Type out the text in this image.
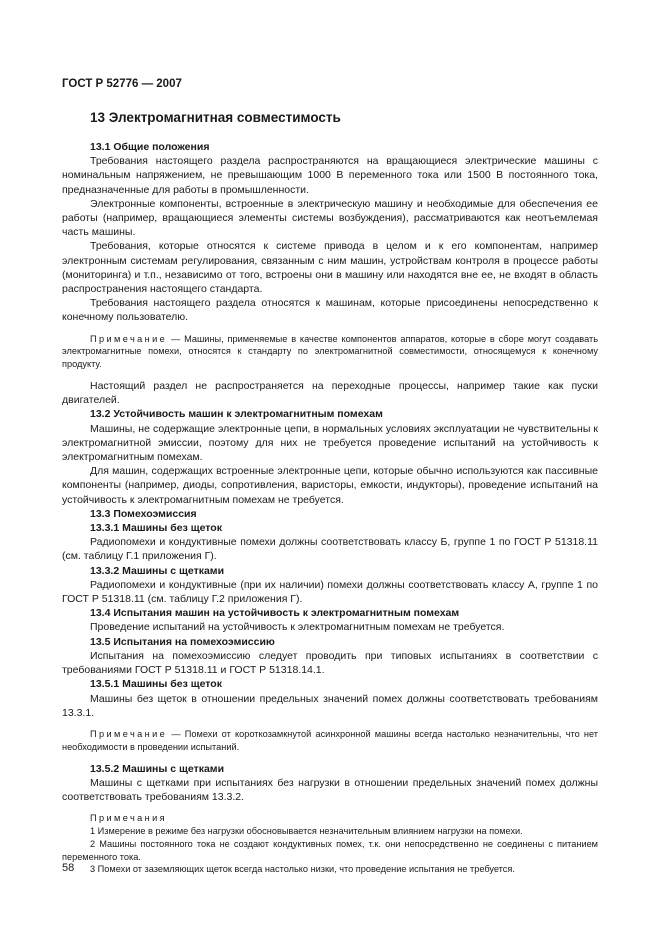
ГОСТ Р 52776 — 2007
13 Электромагнитная совместимость
13.1 Общие положения

Требования настоящего раздела распространяются на вращающиеся электрические машины с номинальным напряжением, не превышающим 1000 В переменного тока или 1500 В постоянного тока, предназначенные для работы в промышленности.

Электронные компоненты, встроенные в электрическую машину и необходимые для обеспечения ее работы (например, вращающиеся элементы системы возбуждения), рассматриваются как неотъемлемая часть машины.

Требования, которые относятся к системе привода в целом и к его компонентам, например электронным системам регулирования, связанным с ним машин, устройствам контроля в процессе работы (мониторинга) и т.п., независимо от того, встроены они в машину или находятся вне ее, не входят в область распространения настоящего стандарта.

Требования настоящего раздела относятся к машинам, которые присоединены непосредственно к конечному пользователю.

Примечание — Машины, применяемые в качестве компонентов аппаратов, которые в сборе могут создавать электромагнитные помехи, относятся к стандарту по электромагнитной совместимости, относящемуся к конечному продукту.

Настоящий раздел не распространяется на переходные процессы, например такие как пуски двигателей.

13.2 Устойчивость машин к электромагнитным помехам

Машины, не содержащие электронные цепи, в нормальных условиях эксплуатации не чувствительны к электромагнитной эмиссии, поэтому для них не требуется проведение испытаний на устойчивость к электромагнитным помехам.

Для машин, содержащих встроенные электронные цепи, которые обычно используются как пассивные компоненты (например, диоды, сопротивления, варисторы, емкости, индукторы), проведение испытаний на устойчивость к электромагнитным помехам не требуется.

13.3 Помехоэмиссия
13.3.1 Машины без щеток

Радиопомехи и кондуктивные помехи должны соответствовать классу Б, группе 1 по ГОСТ Р 51318.11 (см. таблицу Г.1 приложения Г).

13.3.2 Машины с щетками

Радиопомехи и кондуктивные (при их наличии) помехи должны соответствовать классу А, группе 1 по ГОСТ Р 51318.11 (см. таблицу Г.2 приложения Г).

13.4 Испытания машин на устойчивость к электромагнитным помехам

Проведение испытаний на устойчивость к электромагнитным помехам не требуется.

13.5 Испытания на помехоэмиссию

Испытания на помехоэмиссию следует проводить при типовых испытаниях в соответствии с требованиями ГОСТ Р 51318.11 и ГОСТ Р 51318.14.1.

13.5.1 Машины без щеток

Машины без щеток в отношении предельных значений помех должны соответствовать требованиям 13.3.1.

Примечание — Помехи от короткозамкнутой асинхронной машины всегда настолько незначительны, что нет необходимости в проведении испытаний.
13.5.2 Машины с щетками

Машины с щетками при испытаниях без нагрузки в отношении предельных значений помех должны соответствовать требованиям 13.3.2.

Примечания
1 Измерение в режиме без нагрузки обосновывается незначительным влиянием нагрузки на помехи.
2 Машины постоянного тока не создают кондуктивных помех, т.к. они непосредственно не соединены с питанием переменного тока.
3 Помехи от заземляющих щеток всегда настолько низки, что проведение испытания не требуется.
58
